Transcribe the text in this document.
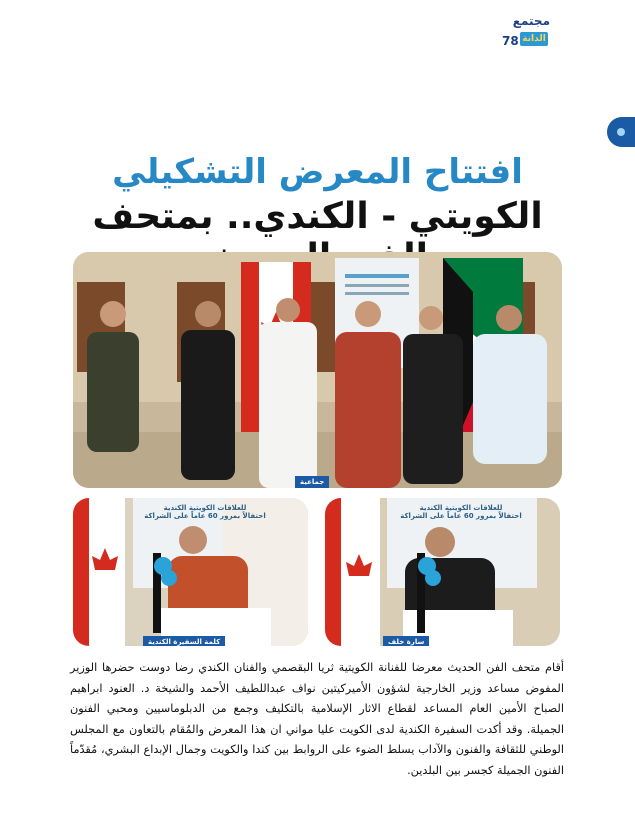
مجتمع
78 الدانة
افتتاح المعرض التشكيلي
الكويتي - الكندي.. بمتحف
جماعية
كلمة السفيرة الكندية
للعلاقات الكويتية الكندية
احتفالاً بمرور 60 عاماً على الشراكة
سارة خلف
للعلاقات الكويتية الكندية
احتفالاً بمرور 60 عاماً على الشراكة
أقام متحف الفن الحديث معرضا للفنانة الكويتية ثريا البقصمي والفنان الكندي رضا دوست حضرها الوزير المفوض مساعد وزير الخارجية لشؤون الأميركيتين نواف عبداللطيف الأحمد والشيخة د. العنود ابراهيم الصباح الأمين العام المساعد لقطاع الاثار الإسلامية بالتكليف وجمع من الدبلوماسيين ومحبي الفنون الجميلة. وقد أكدت السفيرة الكندية لدى الكويت عليا مواني ان هذا المعرض والمُقام بالتعاون مع المجلس الوطني للثقافة والفنون والآداب يسلط الضوء على الروابط بين كندا والكويت وجمال الإبداع البشري، مُقدّماً الفنون الجميلة كجسر بين البلدين.
